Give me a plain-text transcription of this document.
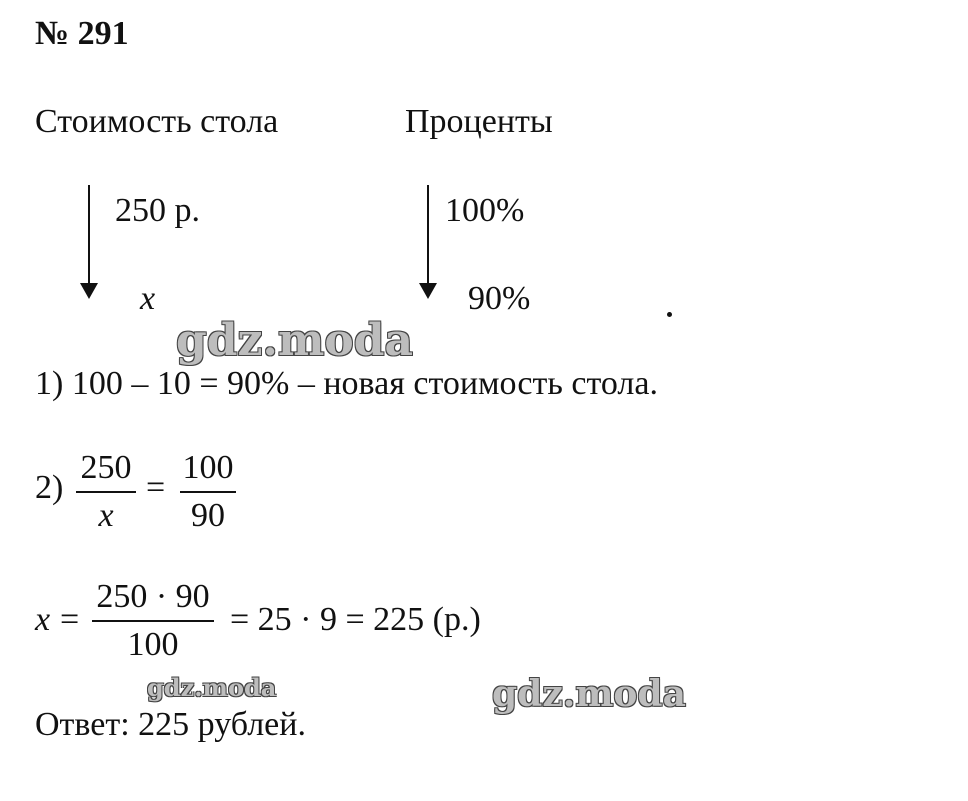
№ 291
Стоимость стола	Проценты
250 р.
x
100%
90%
1) 100 – 10 = 90% – новая стоимость стола.
2)
250
x
=
100
90
x =
250 · 90
100
= 25 · 9 = 225 (р.)
Ответ: 225 рублей.
gdz.moda
gdz.moda	gdz.moda
